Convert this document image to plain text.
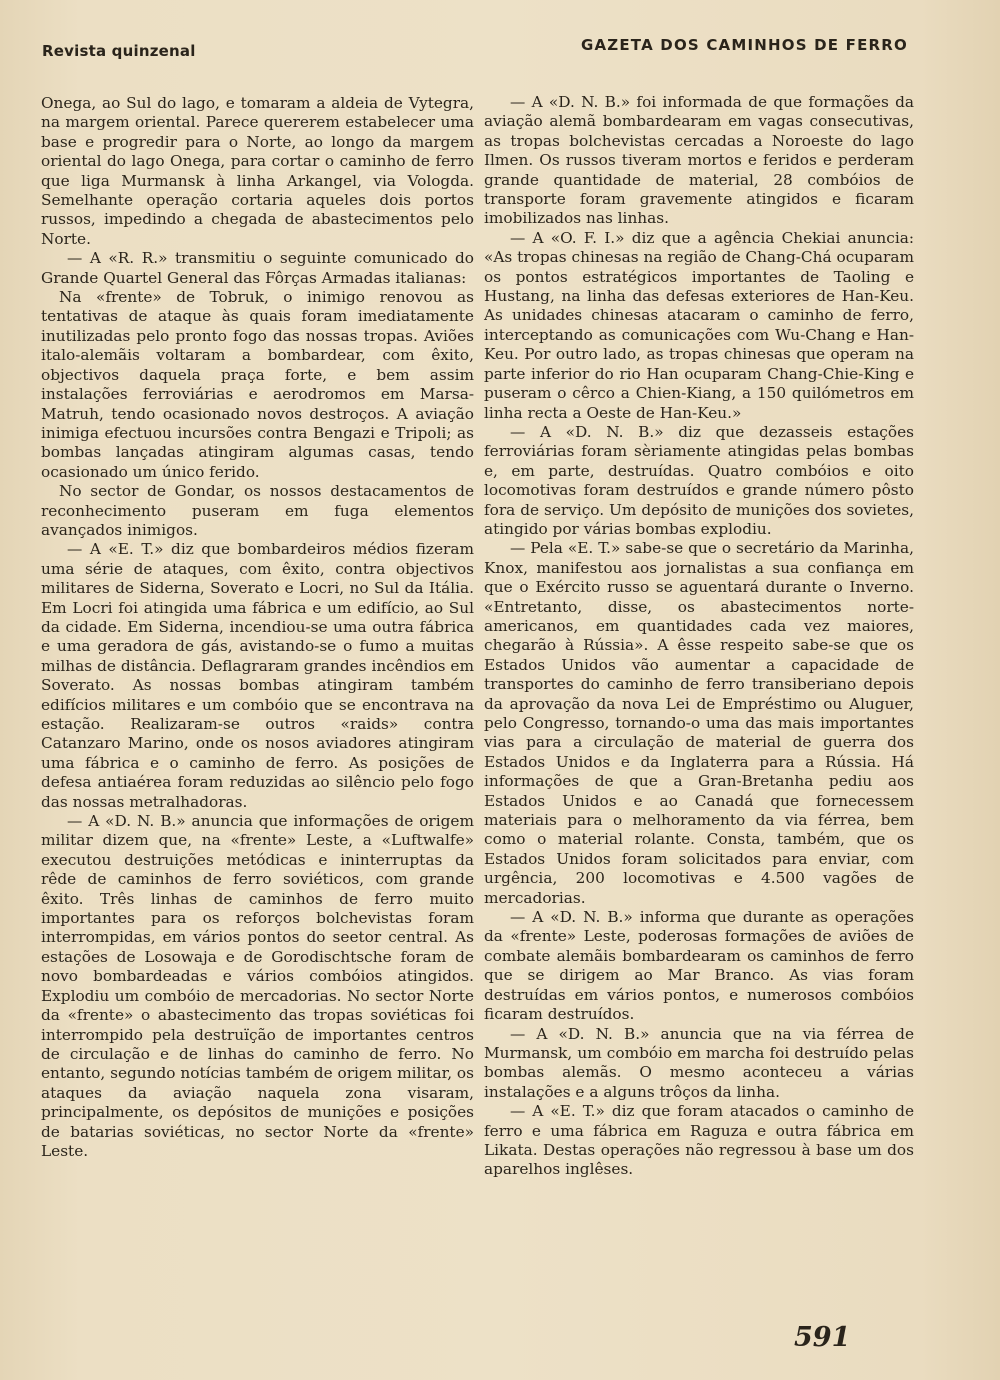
Revista quinzenal	GAZETA DOS CAMINHOS DE FERRO

Onega, ao Sul do lago, e tomaram a aldeia de Vytegra, na margem oriental. Parece quererem estabelecer uma base e progredir para o Norte, ao longo da margem oriental do lago Onega, para cortar o caminho de ferro que liga Murmansk à linha Arkangel, via Vologda. Semelhante operação cortaria aqueles dois portos russos, impedindo a chegada de abastecimentos pelo Norte.

— A «R. R.» transmitiu o seguinte comunicado do Grande Quartel General das Fôrças Armadas italianas:

Na «frente» de Tobruk, o inimigo renovou as tentativas de ataque às quais foram imediatamente inutilizadas pelo pronto fogo das nossas tropas. Aviões italo-alemãis voltaram a bombardear, com êxito, objectivos daquela praça forte, e bem assim instalações ferroviárias e aerodromos em Marsa-Matruh, tendo ocasionado novos destroços. A aviação inimiga efectuou incursões contra Bengazi e Tripoli; as bombas lançadas atingiram algumas casas, tendo ocasionado um único ferido.

No sector de Gondar, os nossos destacamentos de reconhecimento puseram em fuga elementos avançados inimigos.

— A «E. T.» diz que bombardeiros médios fizeram uma série de ataques, com êxito, contra objectivos militares de Siderna, Soverato e Locri, no Sul da Itália. Em Locri foi atingida uma fábrica e um edifício, ao Sul da cidade. Em Siderna, incendiou-se uma outra fábrica e uma geradora de gás, avistando-se o fumo a muitas milhas de distância. Deflagraram grandes incêndios em Soverato. As nossas bombas atingiram também edifícios militares e um combóio que se encontrava na estação. Realizaram-se outros «raids» contra Catanzaro Marino, onde os nosos aviadores atingiram uma fábrica e o caminho de ferro. As posições de defesa antiaérea foram reduzidas ao silêncio pelo fogo das nossas metralhadoras.

— A «D. N. B.» anuncia que informações de origem militar dizem que, na «frente» Leste, a «Luftwalfe» executou destruições metódicas e ininterruptas da rêde de caminhos de ferro soviéticos, com grande êxito. Três linhas de caminhos de ferro muito importantes para os reforços bolchevistas foram interrompidas, em vários pontos do seetor central. As estações de Losowaja e de Gorodischtsche foram de novo bombardeadas e vários combóios atingidos. Explodiu um combóio de mercadorias. No sector Norte da «frente» o abastecimento das tropas soviéticas foi interrompido pela destruïção de importantes centros de circulação e de linhas do caminho de ferro. No entanto, segundo notícias também de origem militar, os ataques da aviação naquela zona visaram, principalmente, os depósitos de munições e posições de batarias soviéticas, no sector Norte da «frente» Leste.

— A «D. N. B.» foi informada de que formações da aviação alemã bombardearam em vagas consecutivas, as tropas bolchevistas cercadas a Noroeste do lago Ilmen. Os russos tiveram mortos e feridos e perderam grande quantidade de material, 28 combóios de transporte foram gravemente atingidos e ficaram imobilizados nas linhas.

— A «O. F. I.» diz que a agência Chekiai anuncia: «As tropas chinesas na região de Chang-Chá ocuparam os pontos estratégicos importantes de Taoling e Hustang, na linha das defesas exteriores de Han-Keu. As unidades chinesas atacaram o caminho de ferro, interceptando as comunicações com Wu-Chang e Han-Keu. Por outro lado, as tropas chinesas que operam na parte inferior do rio Han ocuparam Chang-Chie-King e puseram o cêrco a Chien-Kiang, a 150 quilómetros em linha recta a Oeste de Han-Keu.»

— A «D. N. B.» diz que dezasseis estações ferroviárias foram sèriamente atingidas pelas bombas e, em parte, destruídas. Quatro combóios e oito locomotivas foram destruídos e grande número pôsto fora de serviço. Um depósito de munições dos sovietes, atingido por várias bombas explodiu.

— Pela «E. T.» sabe-se que o secretário da Marinha, Knox, manifestou aos jornalistas a sua confiança em que o Exército russo se aguentará durante o Inverno. «Entretanto, disse, os abastecimentos norte-americanos, em quantidades cada vez maiores, chegarão à Rússia». A êsse respeito sabe-se que os Estados Unidos vão aumentar a capacidade de transportes do caminho de ferro transiberiano depois da aprovação da nova Lei de Empréstimo ou Aluguer, pelo Congresso, tornando-o uma das mais importantes vias para a circulação de material de guerra dos Estados Unidos e da Inglaterra para a Rússia. Há informações de que a Gran-Bretanha pediu aos Estados Unidos e ao Canadá que fornecessem materiais para o melhoramento da via férrea, bem como o material rolante. Consta, também, que os Estados Unidos foram solicitados para enviar, com urgência, 200 locomotivas e 4.500 vagões de mercadorias.

— A «D. N. B.» informa que durante as operações da «frente» Leste, poderosas formações de aviões de combate alemãis bombardearam os caminhos de ferro que se dirigem ao Mar Branco. As vias foram destruídas em vários pontos, e numerosos combóios ficaram destruídos.

— A «D. N. B.» anuncia que na via férrea de Murmansk, um combóio em marcha foi destruído pelas bombas alemãs. O mesmo aconteceu a várias instalações e a alguns trôços da linha.

— A «E. T.» diz que foram atacados o caminho de ferro e uma fábrica em Raguza e outra fábrica em Likata. Destas operações não regressou à base um dos aparelhos inglêses.

591
